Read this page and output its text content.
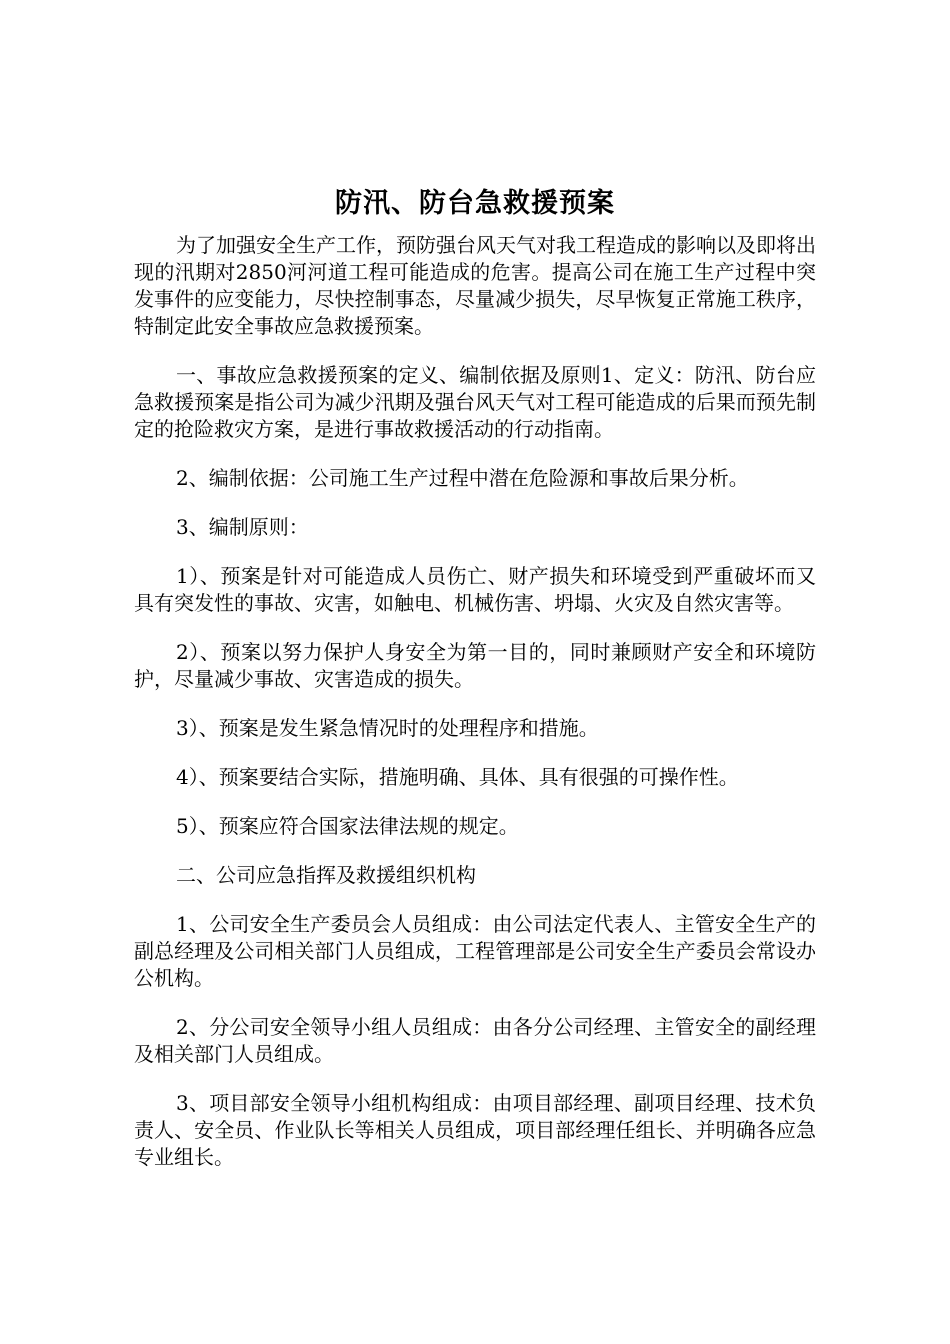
防汛、防台急救援预案

为了加强安全生产工作，预防强台风天气对我工程造成的影响以及即将出现的汛期对2850河河道工程可能造成的危害。提高公司在施工生产过程中突发事件的应变能力，尽快控制事态，尽量减少损失，尽早恢复正常施工秩序，特制定此安全事故应急救援预案。

一、事故应急救援预案的定义、编制依据及原则1、定义：防汛、防台应急救援预案是指公司为减少汛期及强台风天气对工程可能造成的后果而预先制定的抢险救灾方案，是进行事故救援活动的行动指南。

2、编制依据：公司施工生产过程中潜在危险源和事故后果分析。

3、编制原则：

1）、预案是针对可能造成人员伤亡、财产损失和环境受到严重破坏而又具有突发性的事故、灾害，如触电、机械伤害、坍塌、火灾及自然灾害等。

2）、预案以努力保护人身安全为第一目的，同时兼顾财产安全和环境防护，尽量减少事故、灾害造成的损失。

3）、预案是发生紧急情况时的处理程序和措施。

4）、预案要结合实际，措施明确、具体、具有很强的可操作性。

5）、预案应符合国家法律法规的规定。

二、公司应急指挥及救援组织机构

1、公司安全生产委员会人员组成：由公司法定代表人、主管安全生产的副总经理及公司相关部门人员组成，工程管理部是公司安全生产委员会常设办公机构。

2、分公司安全领导小组人员组成：由各分公司经理、主管安全的副经理及相关部门人员组成。

3、项目部安全领导小组机构组成：由项目部经理、副项目经理、技术负责人、安全员、作业队长等相关人员组成，项目部经理任组长、并明确各应急专业组长。
